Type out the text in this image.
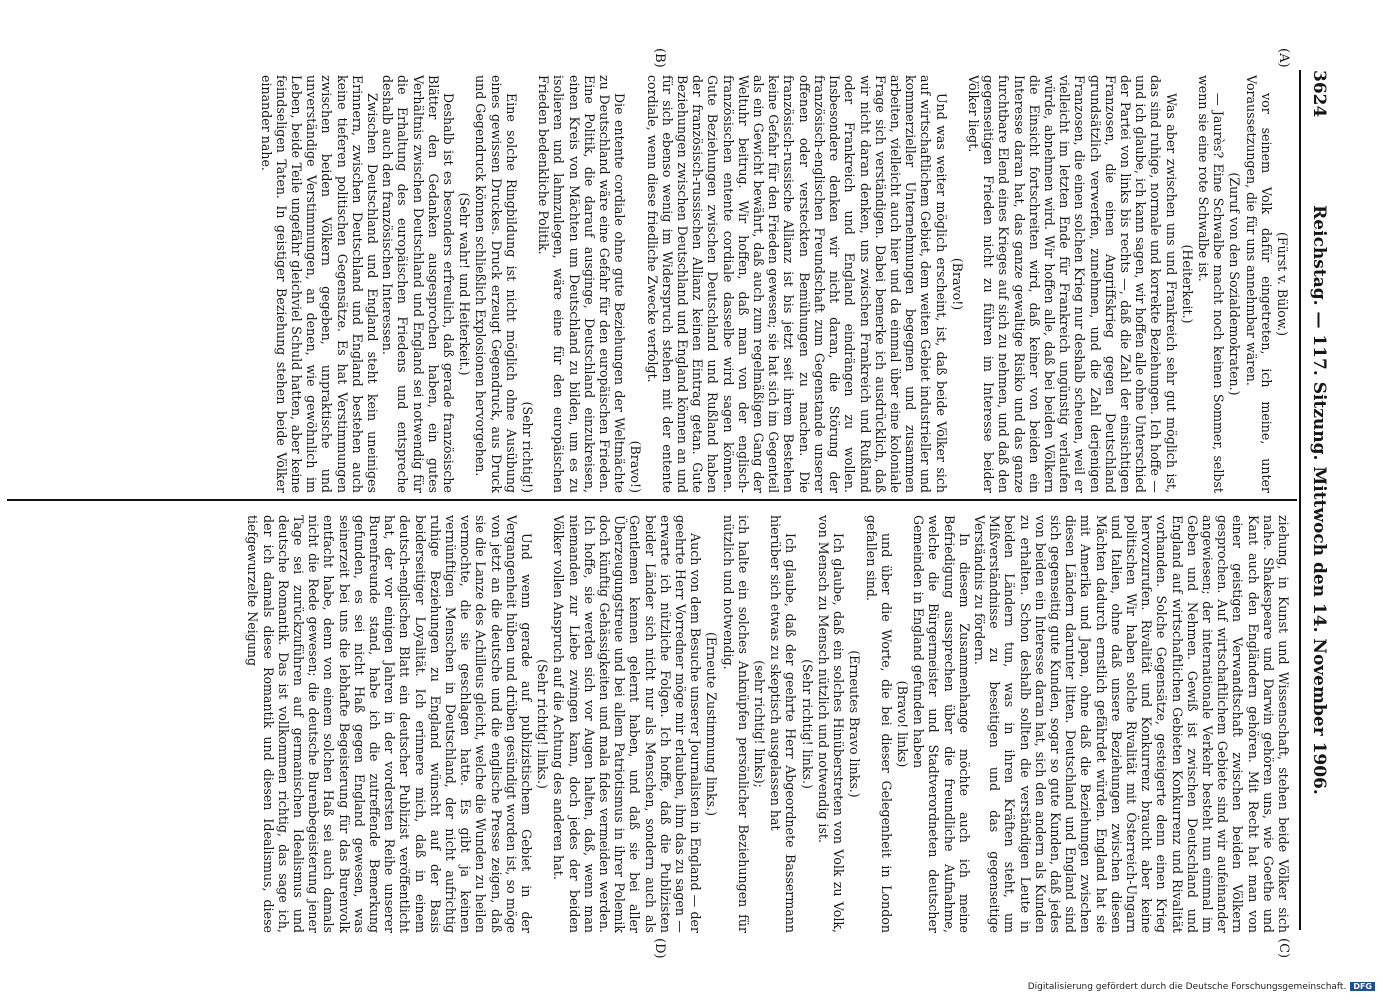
3624
Reichstag. — 117. Sitzung. Mittwoch den 14. November 1906.
(A)
(B)
(C)
(D)

(Fürst v. Bülow.)

vor seinem Volk dafür eingetreten, ich meine, unter Voraussetzungen, die für uns annehmbar wären.

(Zuruf von den Sozialdemokraten.)

— Jaurès? Eine Schwalbe macht noch keinen Sommer, selbst wenn sie eine rote Schwalbe ist.

(Heiterkeit.)

Was aber zwischen uns und Frankreich sehr gut möglich ist, das sind ruhige, normale und korrekte Beziehungen. Ich hoffe — und ich glaube, ich kann sagen, wir hoffen alle ohne Unterschied der Partei von links bis rechts —, daß die Zahl der einsichtigen Franzosen, die einen Angriffskrieg gegen Deutschland grundsätzlich verwerfen, zunehmen, und die Zahl derjenigen Franzosen, die einen solchen Krieg nur deshalb scheuen, weil er vielleicht im letzten Ende für Frankreich ungünstig verlaufen würde, abnehmen wird. Wir hoffen alle, daß bei beiden Völkern die Einsicht fortschreiten wird, daß keiner von beiden ein Interesse daran hat, das ganze gewaltige Risiko und das ganze furchtbare Elend eines Krieges auf sich zu nehmen, und daß den gegenseitigen Frieden nicht zu führen im Interesse beider Völker liegt.

(Bravo!)

Und was weiter möglich erscheint, ist, daß beide Völker sich auf wirtschaftlichem Gebiet, dem weiten Gebiet industrieller und kommerzieller Unternehmungen begegnen und zusammen arbeiten, vielleicht auch hier und da einmal über eine koloniale Frage sich verständigen. Dabei bemerke ich ausdrücklich, daß wir nicht daran denken, uns zwischen Frankreich und Rußland oder Frankreich und England eindrängen zu wollen. Insbesondere denken wir nicht daran, die Störung der französisch-englischen Freundschaft zum Gegenstande unserer offenen oder versteckten Bemühungen zu machen. Die französisch-russische Allianz ist bis jetzt seit ihrem Bestehen keine Gefahr für den Frieden gewesen; sie hat sich im Gegenteil als ein Gewicht bewährt, daß auch zum regelmäßigen Gang der Weltuhr beitrug. Wir hoffen, daß man von der englisch-französischen entente cordiale dasselbe wird sagen können. Gute Beziehungen zwischen Deutschland und Rußland haben der französisch-russischen Allianz keinen Eintrag getan. Gute Beziehungen zwischen Deutschland und England können an und für sich ebenso wenig im Widerspruch stehen mit der entente cordiale, wenn diese friedliche Zwecke verfolgt.

(Bravo!)

Die entente cordiale ohne gute Beziehungen der Weltmächte zu Deutschland wäre eine Gefahr für den europäischen Frieden. Eine Politik, die darauf ausginge, Deutschland einzukreisen, einen Kreis von Mächten um Deutschland zu bilden, um es zu isolieren und lahmzulegen, wäre eine für den europäischen Frieden bedenkliche Politik.

(Sehr richtig!)

Eine solche Ringbildung ist nicht möglich ohne Ausübung eines gewissen Druckes. Druck erzeugt Gegendruck, aus Druck und Gegendruck können schließlich Explosionen hervorgehen.

(Sehr wahr! und Heiterkeit.)

Deshalb ist es besonders erfreulich, daß gerade französische Blätter den Gedanken ausgesprochen haben, ein gutes Verhältnis zwischen Deutschland und England sei notwendig für die Erhaltung des europäischen Friedens und entspreche deshalb auch den französischen Interessen.

Zwischen Deutschland und England steht kein uneiniges Erinnern, zwischen Deutschland und England bestehen auch keine tieferen politischen Gegensätze. Es hat Verstimmungen zwischen beiden Völkern gegeben, unpraktische und unverständige Verstimmungen, an denen, wie gewöhnlich im Leben, beide Teile ungefähr gleichviel Schuld hatten, aber keine feindseligen Taten. In geistiger Beziehung stehen beide Völker einander nahe.

ziehung, in Kunst und Wissenschaft, stehen beide Völker sich nahe. Shakespeare und Darwin gehören uns, wie Goethe und Kant auch den Engländern gehören. Mit Recht hat man von einer geistigen Verwandtschaft zwischen beiden Völkern gesprochen. Auf wirtschaftlichem Gebiete sind wir aufeinander angewiesen; der internationale Verkehr besteht nun einmal im Geben und Nehmen. Gewiß ist zwischen Deutschland und England auf wirtschaftlichen Gebieten Konkurrenz und Rivalität vorhanden. Solche Gegensätze, gesteigerte denn einen Krieg hervorzurufen. Rivalität und Konkurrenz braucht aber keine politischen Wir haben solche Rivalität mit Österreich-Ungarn und Italien, ohne daß unsere Beziehungen zwischen diesen Mächten dadurch ernstlich gefährdet würden. England hat sie mit Amerika und Japan, ohne daß die Beziehungen zwischen diesen Ländern darunter litten. Deutschland und England sind sich gegenseitig gute Kunden, sogar so gute Kunden, daß jedes von beiden ein Interesse daran hat, sich den andern als Kunden zu erhalten. Schon deshalb sollten die verständigen Leute in beiden Ländern tun, was in ihren Kräften steht, um Mißverständnisse zu beseitigen und das gegenseitige Verständnis zu fördern.

In diesem Zusammenhange möchte auch ich meine Befriedigung aussprechen über die freundliche Aufnahme, welche die Bürgermeister und Stadtverordneten deutscher Gemeinden in England gefunden haben

(Bravo! links)

und über die Worte, die bei dieser Gelegenheit in London gefallen sind.

(Erneutes Bravo links.)

Ich glaube, daß ein solches Hinüberstreten von Volk zu Volk, von Mensch zu Mensch nützlich und notwendig ist.

(Sehr richtig! links.)

Ich glaube, daß der geehrte Herr Abgeordnete Bassermann hierüber sich etwas zu skeptisch ausgelassen hat

(sehr richtig! links);

ich halte ein solches Anknüpfen persönlicher Beziehungen für nützlich und notwendig.

(Erneute Zustimmung links.)

Auch von dem Besuche unserer Journalisten in England — der geehrte Herr Vorredner möge mir erlauben, ihm das zu sagen — erwarte ich nützliche Folgen. Ich hoffe, daß die Publizisten beider Länder sich nicht nur als Menschen, sondern auch als Gentlemen kennen gelernt haben, und daß sie bei aller Überzeugungstreue und bei allem Patriotismus in ihrer Polemik doch künftig Gehässigkeiten und mala fides vermeiden werden. Ich hoffe, sie werden sich vor Augen halten, daß, wenn man niemanden zur Liebe zwingen kann, doch jedes der beiden Völker vollen Anspruch auf die Achtung des anderen hat.

(Sehr richtig! links.)

Und wenn gerade auf publizistischem Gebiet in der Vergangenheit hüben und drüben gesündigt worden ist, so möge von jetzt an die deutsche und die englische Presse zeigen, daß sie die Lanze des Achilleus gleicht, welche die Wunden zu heilen vermochte, die sie geschlagen hatte. Es gibt ja keinen vernünftigen Menschen in Deutschland, der nicht aufrichtig ruhige Beziehungen zu England wünscht auf der Basis beiderseitiger Loyalität. Ich erinnere mich, daß in einem deutsch-englischen Blatt ein deutscher Publizist veröffentlicht hat, der vor einigen Jahren in der vordersten Reihe unserer Burenfreunde stand, habe ich die zutreffende Bemerkung gefunden, es sei nicht Haß gegen England gewesen, was seinerzeit bei uns die lebhafte Begeisterung für das Burenvolk entfacht habe, denn von einem solchen Haß sei auch damals nicht die Rede gewesen; die deutsche Burenbegeisterung jener Tage sei zurückzuführen auf germanischen Idealismus und deutsche Romantik. Das ist vollkommen richtig, das sage ich, der ich damals diese Romantik und diesen Idealismus, diese tiefgewurzelte Neigung

Digitalisierung gefördert durch die Deutsche Forschungsgemeinschaft. DFG
